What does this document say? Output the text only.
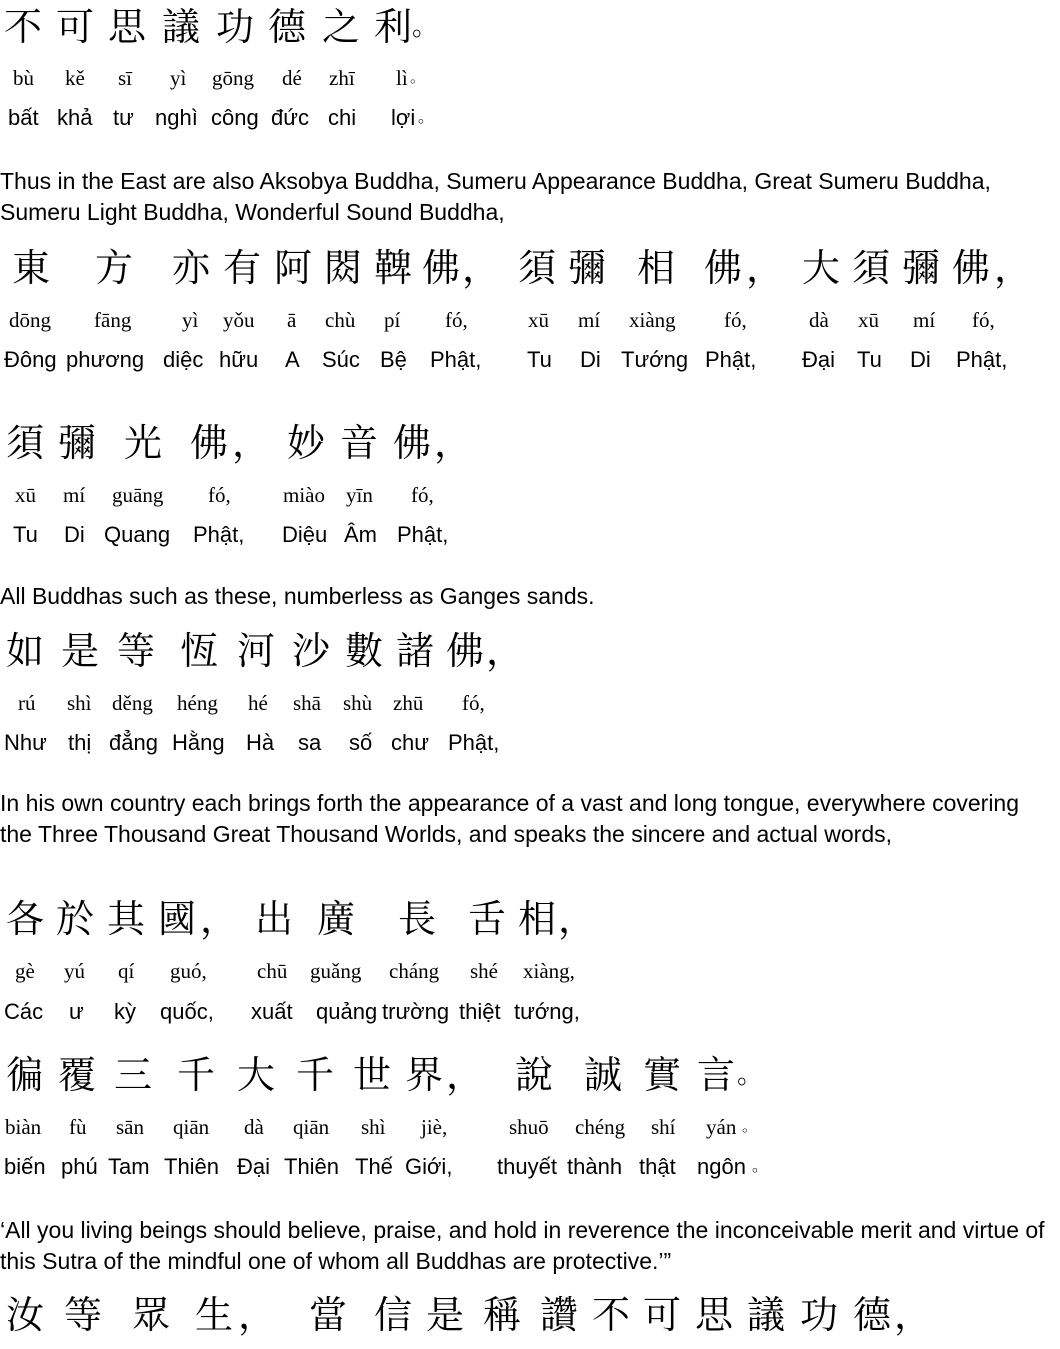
不 可 思 議 功 德 之 利 。
bù kě sī yì gōng dé zhī lì 。
bất khả tư nghì công đức chi lợi 。
Thus in the East are also Aksobya Buddha, Sumeru Appearance Buddha, Great Sumeru Buddha, Sumeru Light Buddha, Wonderful Sound Buddha,
東 方 亦 有 阿 閦 鞞 佛 ， 須 彌 相 佛 ， 大 須 彌 佛 ，
dōng fāng yì yǒu ā chù pí fó,	xū mí xiàng fó,	dà xū mí fó,
Đông phương diệc hữu A Súc Bệ Phật, Tu Di Tướng Phật, Đại Tu Di Phật,
須 彌 光 佛 ， 妙 音 佛 ，
xū mí guāng fó, miào yīn fó,
Tu Di Quang Phật, Diệu Âm Phật,
All Buddhas such as these, numberless as Ganges sands.
如 是 等 恆 河 沙 數 諸 佛 ，
rú shì děng héng hé shā shù zhū fó,
Như thị đẳng Hằng Hà sa số chư Phật,
In his own country each brings forth the appearance of a vast and long tongue, everywhere covering the Three Thousand Great Thousand Worlds, and speaks the sincere and actual words,
各 於 其 國 ， 出 廣 長 舌 相 ，
gè yú qí guó, chū guǎng cháng shé xiàng,
Các ư kỳ quốc, xuất quảng trường thiệt tướng,
徧 覆 三 千 大 千 世 界 ， 說 誠 實 言 。
biàn fù sān qiān dà qiān shì jiè,	shuō chéng shí yán 。
biến phú Tam Thiên Đại Thiên Thế Giới, thuyết thành thật ngôn 。
‘All you living beings should believe, praise, and hold in reverence the inconceivable merit and virtue of this Sutra of the mindful one of whom all Buddhas are protective.’”
汝 等 眾 生 ， 當 信 是 稱 讚 不 可 思 議 功 德 ，
